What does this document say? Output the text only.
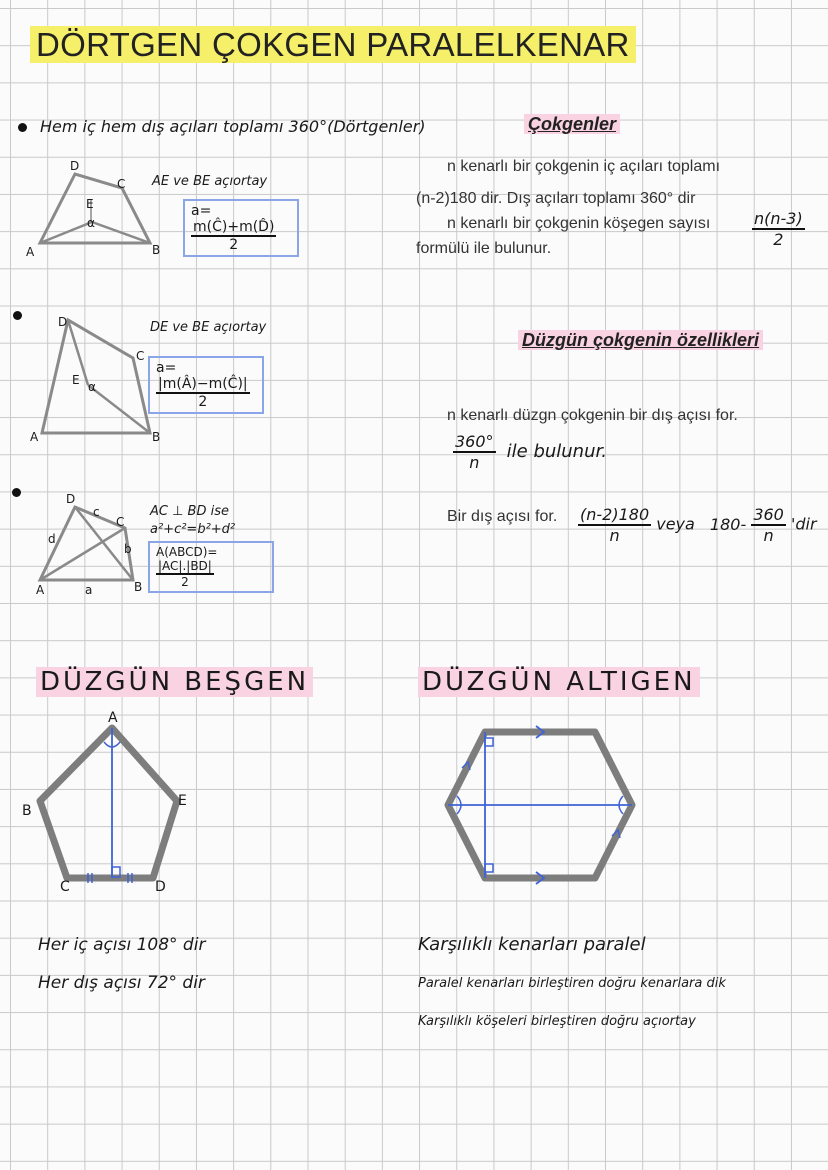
DÖRTGEN ÇOKGEN PARALELKENAR
Hem iç hem dış açıları toplamı 360°(Dörtgenler)
D
C
A	B
E
α
AE ve BE açıortay
a=
$\frac{m(Ĉ)+m(D̂)}{2}$
D
C
A	B
E α
DE ve BE açıortay
a=
$\frac{|m(Â)-m(Ĉ)|}{2}$
D
C
A	B
a
b
c
d
AC ⊥ BD ise
a²+c²=b²+d²
A(ABCD)=
$\frac{|AC|.|BD|}{2}$
Çokgenler
n kenarlı bir çokgenin iç açıları toplamı
(n-2)180 dir. Dış açıları toplamı 360° dir
n kenarlı bir çokgenin köşegen sayısı	$\frac{n(n-3)}{2}$
formülü ile bulunur.
Düzgün çokgenin özellikleri
n kenarlı düzgn çokgenin bir dış açısı for.
$\frac{360^\circ}{n}$ ile bulunur.
Bir dış açısı for. $\frac{(n-2)180}{n}$ veya $180- \frac{360}{n}$ 'dir
DÜZGÜN BEŞGEN
A
B
C	D
E
Her iç açısı 108° dir
Her dış açısı 72° dir
DÜZGÜN ALTIGEN
Karşılıklı kenarları paralel
Paralel kenarları birleştiren doğru kenarlara dik
Karşılıklı köşeleri birleştiren doğru açıortay
